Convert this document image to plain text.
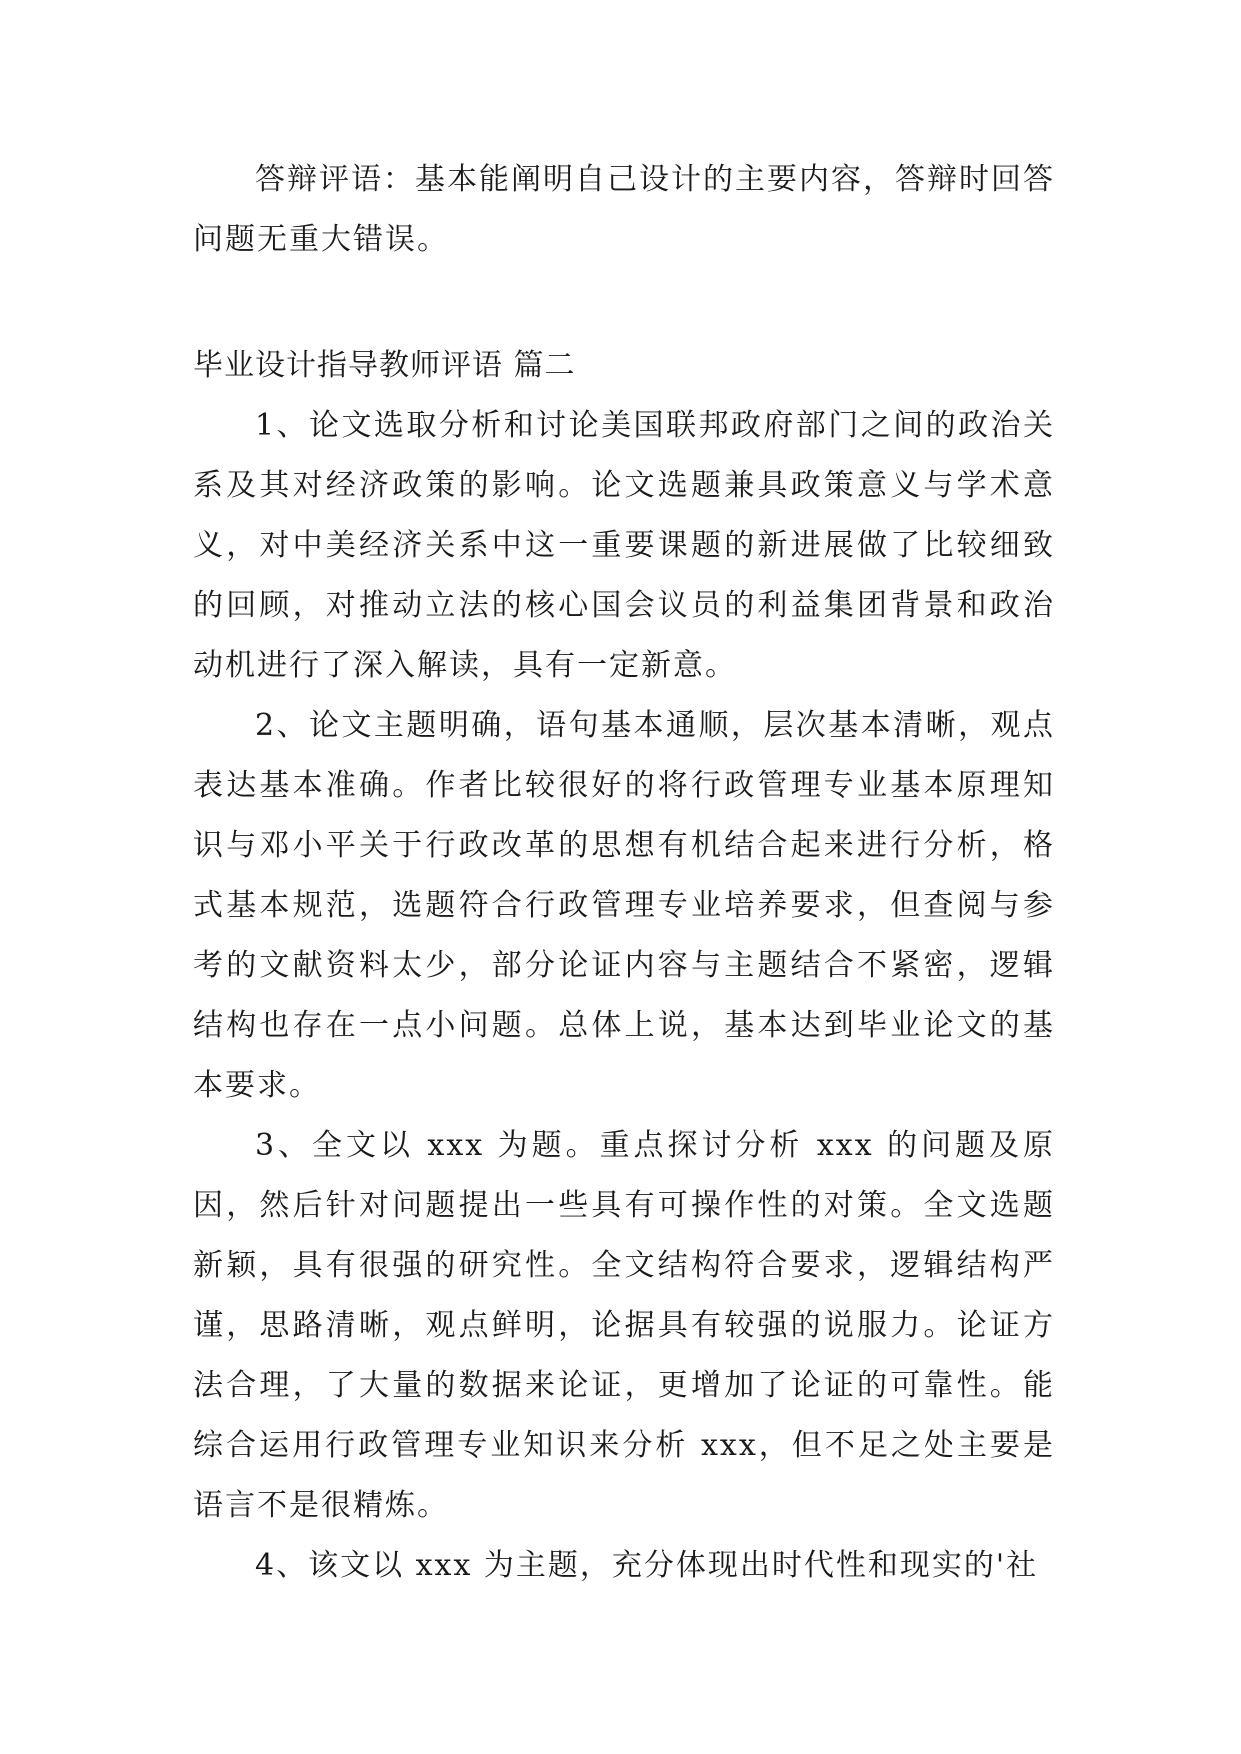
答辩评语：基本能阐明自己设计的主要内容，答辩时回答问题无重大错误。

毕业设计指导教师评语 篇二

1、论文选取分析和讨论美国联邦政府部门之间的政治关系及其对经济政策的影响。论文选题兼具政策意义与学术意义，对中美经济关系中这一重要课题的新进展做了比较细致的回顾，对推动立法的核心国会议员的利益集团背景和政治动机进行了深入解读，具有一定新意。

2、论文主题明确，语句基本通顺，层次基本清晰，观点表达基本准确。作者比较很好的将行政管理专业基本原理知识与邓小平关于行政改革的思想有机结合起来进行分析，格式基本规范，选题符合行政管理专业培养要求，但查阅与参考的文献资料太少，部分论证内容与主题结合不紧密，逻辑结构也存在一点小问题。总体上说，基本达到毕业论文的基本要求。

3、全文以 xxx 为题。重点探讨分析 xxx 的问题及原因，然后针对问题提出一些具有可操作性的对策。全文选题新颖，具有很强的研究性。全文结构符合要求，逻辑结构严谨，思路清晰，观点鲜明，论据具有较强的说服力。论证方法合理，了大量的数据来论证，更增加了论证的可靠性。能综合运用行政管理专业知识来分析 xxx，但不足之处主要是语言不是很精炼。

4、该文以 xxx 为主题，充分体现出时代性和现实的'社
